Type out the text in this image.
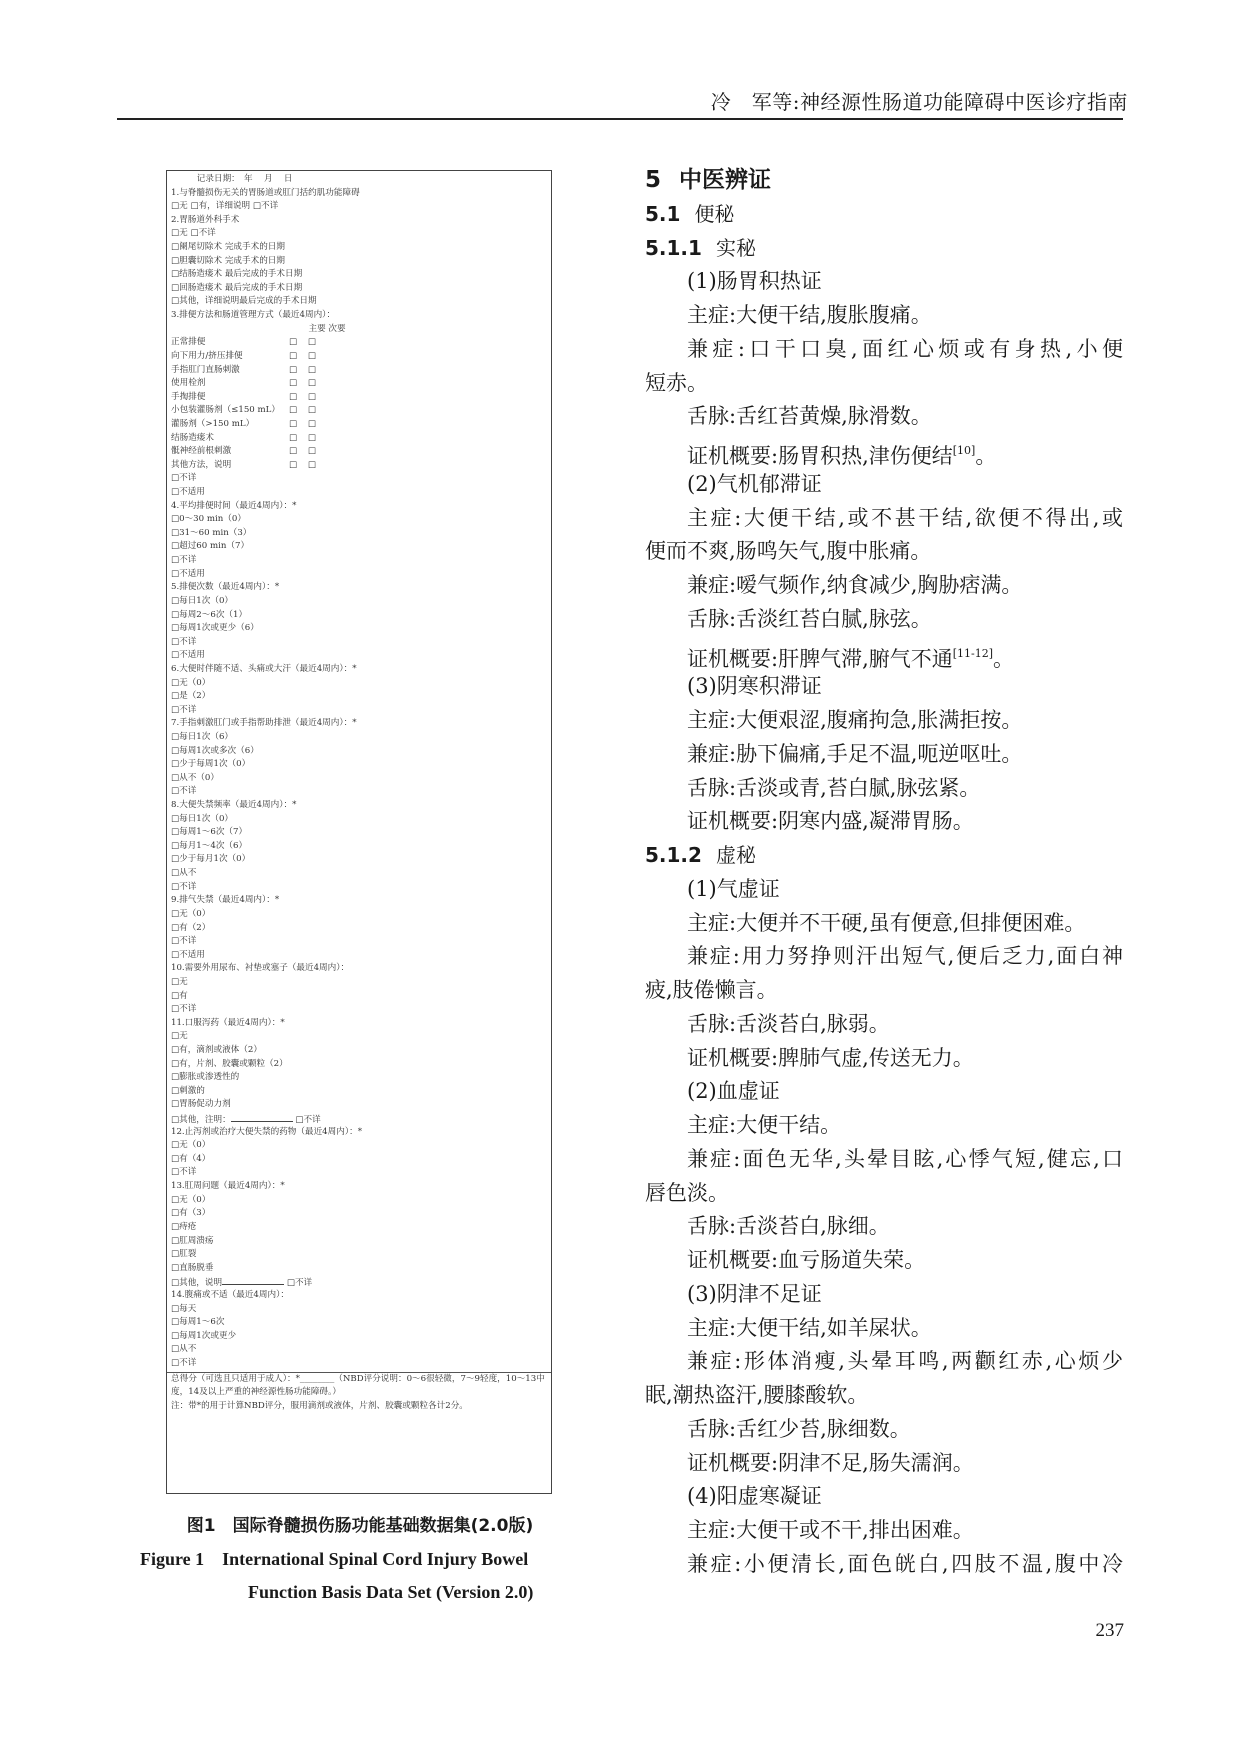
冷　军等:神经源性肠道功能障碍中医诊疗指南
　　　记录日期：　年　 月　 日
1.与脊髓损伤无关的胃肠道或肛门括约肌功能障碍
□无 □有，详细说明 □不详
2.胃肠道外科手术
□无 □不详
□阑尾切除术 完成手术的日期
□胆囊切除术 完成手术的日期
□结肠造瘘术 最后完成的手术日期
□回肠造瘘术 最后完成的手术日期
□其他，详细说明最后完成的手术日期
3.排便方法和肠道管理方式（最近4周内）：
　　　　　　　　　　　　　　　　主要 次要
正常排便	□ □
向下用力/挤压排便	□ □
手指肛门直肠刺激	□ □
使用栓剂	□ □
手掏排便	□ □
小包装灌肠剂（≤150 mL） □ □
灌肠剂（>150 mL）	□ □
结肠造瘘术	□ □
骶神经前根刺激	□ □
其他方法，说明	□ □
□不详
□不适用
4.平均排便时间（最近4周内）：*
□0～30 min（0）
□31～60 min（3）
□超过60 min（7）
□不详
□不适用
5.排便次数（最近4周内）：*
□每日1次（0）
□每周2～6次（1）
□每周1次或更少（6）
□不详
□不适用
6.大便时伴随不适、头痛或大汗（最近4周内）：*
□无（0）
□是（2）
□不详
7.手指刺激肛门或手指帮助排泄（最近4周内）：*
□每日1次（6）
□每周1次或多次（6）
□少于每周1次（0）
□从不（0）
□不详
8.大便失禁频率（最近4周内）：*
□每日1次（0）
□每周1～6次（7）
□每月1～4次（6）
□少于每月1次（0）
□从不
□不详
9.排气失禁（最近4周内）：*
□无（0）
□有（2）
□不详
□不适用
10.需要外用尿布、衬垫或塞子（最近4周内）：
□无
□有
□不详
11.口服泻药（最近4周内）：*
□无
□有，滴剂或液体（2）
□有，片剂、胶囊或颗粒（2）
□膨胀或渗透性的
□刺激的
□胃肠促动力剂
□其他，注明：	□不详
12.止泻剂或治疗大便失禁的药物（最近4周内）：*
□无（0）
□有（4）
□不详
13.肛周问题（最近4周内）：*
□无（0）
□有（3）
□痔疮
□肛周溃疡
□肛裂
□直肠脱垂
□其他，说明	□不详
14.腹痛或不适（最近4周内）：
□每天
□每周1～6次
□每周1次或更少
□从不
□不详
总得分（可选且只适用于成人）：*________（NBD评分说明：0～6很轻微，7～9轻度，10～13中度，14及以上严重的神经源性肠功能障碍。）
注：带*的用于计算NBD评分，服用滴剂或液体，片剂、胶囊或颗粒各计2分。
图1　国际脊髓损伤肠功能基础数据集(2.0版)
Figure 1　International Spinal Cord Injury Bowel
Function Basis Data Set (Version 2.0)
5 中医辨证
5.1 便秘
5.1.1 实秘
(1)肠胃积热证
主症:大便干结,腹胀腹痛。
兼症:口干口臭,面红心烦或有身热,小便
短赤。
舌脉:舌红苔黄燥,脉滑数。
证机概要:肠胃积热,津伤便结[10]。
(2)气机郁滞证
主症:大便干结,或不甚干结,欲便不得出,或
便而不爽,肠鸣矢气,腹中胀痛。
兼症:嗳气频作,纳食减少,胸胁痞满。
舌脉:舌淡红苔白腻,脉弦。
证机概要:肝脾气滞,腑气不通[11-12]。
(3)阴寒积滞证
主症:大便艰涩,腹痛拘急,胀满拒按。
兼症:胁下偏痛,手足不温,呃逆呕吐。
舌脉:舌淡或青,苔白腻,脉弦紧。
证机概要:阴寒内盛,凝滞胃肠。
5.1.2 虚秘
(1)气虚证
主症:大便并不干硬,虽有便意,但排便困难。
兼症:用力努挣则汗出短气,便后乏力,面白神
疲,肢倦懒言。
舌脉:舌淡苔白,脉弱。
证机概要:脾肺气虚,传送无力。
(2)血虚证
主症:大便干结。
兼症:面色无华,头晕目眩,心悸气短,健忘,口
唇色淡。
舌脉:舌淡苔白,脉细。
证机概要:血亏肠道失荣。
(3)阴津不足证
主症:大便干结,如羊屎状。
兼症:形体消瘦,头晕耳鸣,两颧红赤,心烦少
眠,潮热盗汗,腰膝酸软。
舌脉:舌红少苔,脉细数。
证机概要:阴津不足,肠失濡润。
(4)阳虚寒凝证
主症:大便干或不干,排出困难。
兼症:小便清长,面色㿠白,四肢不温,腹中冷
237
